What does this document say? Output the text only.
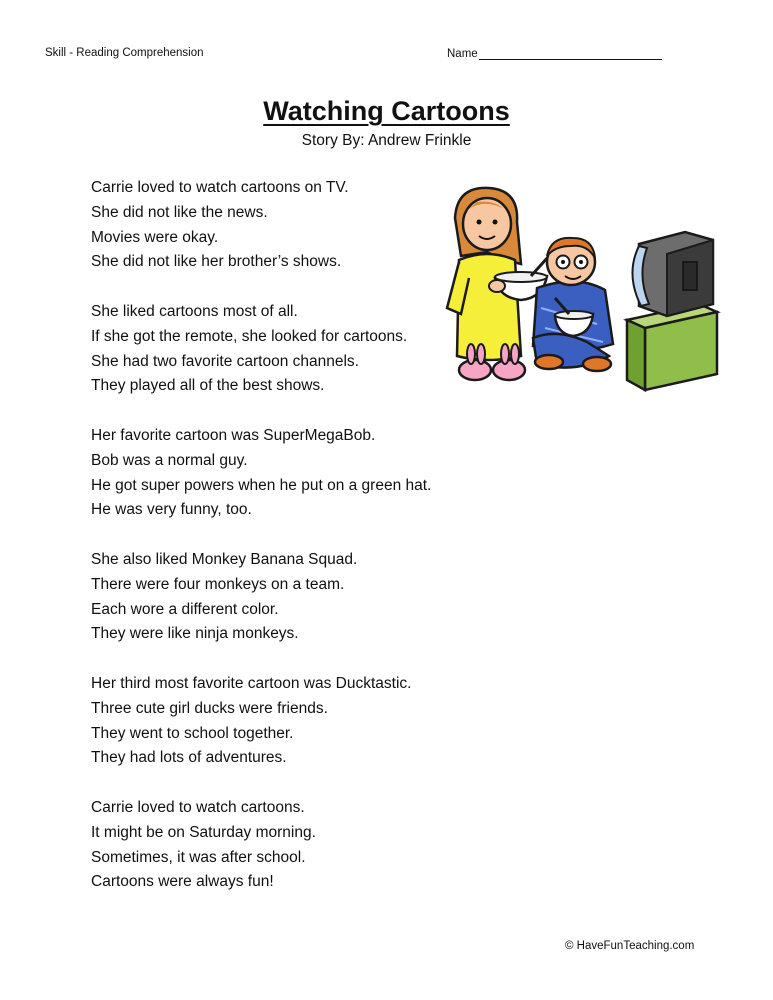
Skill - Reading Comprehension	Name
Watching Cartoons
Story By: Andrew Frinkle

Carrie loved to watch cartoons on TV.
She did not like the news.
Movies were okay.
She did not like her brother’s shows.

She liked cartoons most of all.
If she got the remote, she looked for cartoons.
She had two favorite cartoon channels.
They played all of the best shows.

Her favorite cartoon was SuperMegaBob.
Bob was a normal guy.
He got super powers when he put on a green hat.
He was very funny, too.

She also liked Monkey Banana Squad.
There were four monkeys on a team.
Each wore a different color.
They were like ninja monkeys.

Her third most favorite cartoon was Ducktastic.
Three cute girl ducks were friends.
They went to school together.
They had lots of adventures.

Carrie loved to watch cartoons.
It might be on Saturday morning.
Sometimes, it was after school.
Cartoons were always fun!

© HaveFunTeaching.com
